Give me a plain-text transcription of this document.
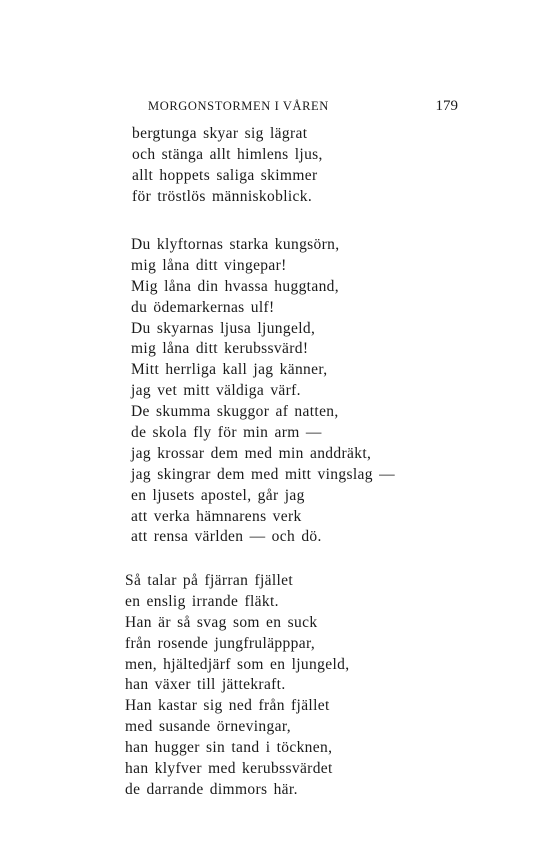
MORGONSTORMEN I VÅREN	179
bergtunga skyar sig lägrat
och stänga allt himlens ljus,
allt hoppets saliga skimmer
för tröstlös människoblick.
Du klyftornas starka kungsörn,
mig låna ditt vingepar!
Mig låna din hvassa huggtand,
du ödemarkernas ulf!
Du skyarnas ljusa ljungeld,
mig låna ditt kerubssvärd!
Mitt herrliga kall jag känner,
jag vet mitt väldiga värf.
De skumma skuggor af natten,
de skola fly för min arm —
jag krossar dem med min anddräkt,
jag skingrar dem med mitt vingslag —
en ljusets apostel, går jag
att verka hämnarens verk
att rensa världen — och dö.
Så talar på fjärran fjället
en enslig irrande fläkt.
Han är så svag som en suck
från rosende jungfruläpppar,
men, hjältedjärf som en ljungeld,
han växer till jättekraft.
Han kastar sig ned från fjället
med susande örnevingar,
han hugger sin tand i töcknen,
han klyfver med kerubssvärdet
de darrande dimmors här.
